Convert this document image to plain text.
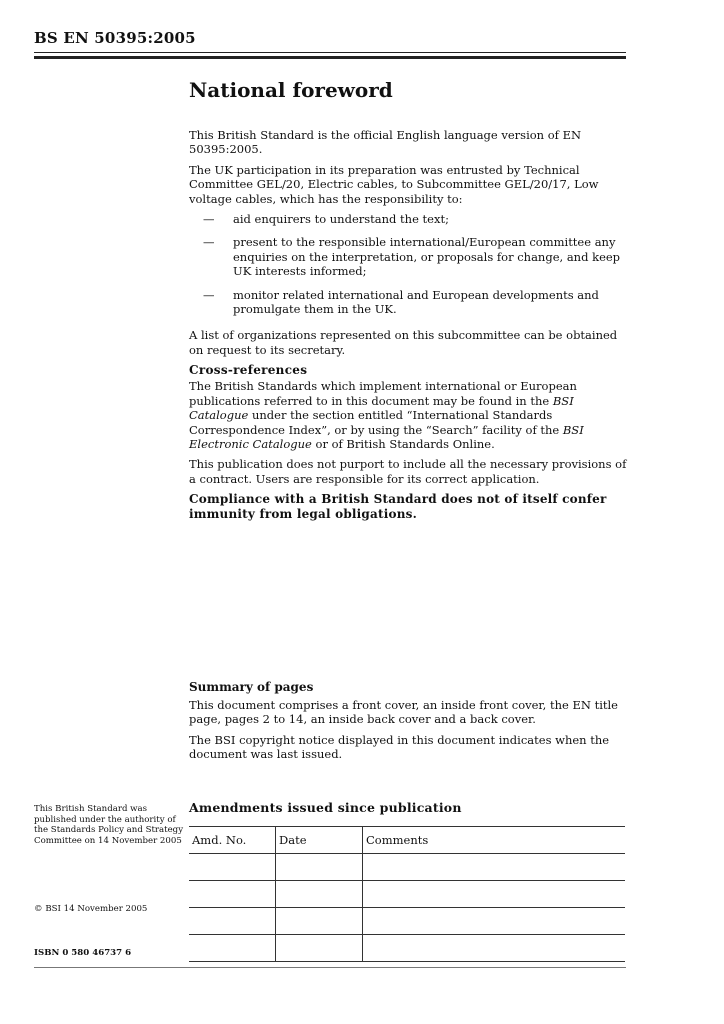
BS EN 50395:2005
National foreword

This British Standard is the official English language version of EN 50395:2005.

The UK participation in its preparation was entrusted by Technical Committee GEL/20, Electric cables, to Subcommittee GEL/20/17, Low voltage cables, which has the responsibility to:

—	aid enquirers to understand the text;
—	present to the responsible international/European committee any enquiries on the interpretation, or proposals for change, and keep UK interests informed;
—	monitor related international and European developments and promulgate them in the UK.

A list of organizations represented on this subcommittee can be obtained on request to its secretary.

Cross-references

The British Standards which implement international or European publications referred to in this document may be found in the BSI Catalogue under the section entitled “International Standards Correspondence Index”, or by using the “Search” facility of the BSI Electronic Catalogue or of British Standards Online.

This publication does not purport to include all the necessary provisions of a contract. Users are responsible for its correct application.

Compliance with a British Standard does not of itself confer immunity from legal obligations.

Summary of pages

This document comprises a front cover, an inside front cover, the EN title page, pages 2 to 14, an inside back cover and a back cover.

The BSI copyright notice displayed in this document indicates when the document was last issued.

This British Standard was published under the authority of the Standards Policy and Strategy Committee on 14 November 2005
© BSI 14 November 2005
ISBN 0 580 46737 6
Amendments issued since publication
Amd. No.	Date	Comments
